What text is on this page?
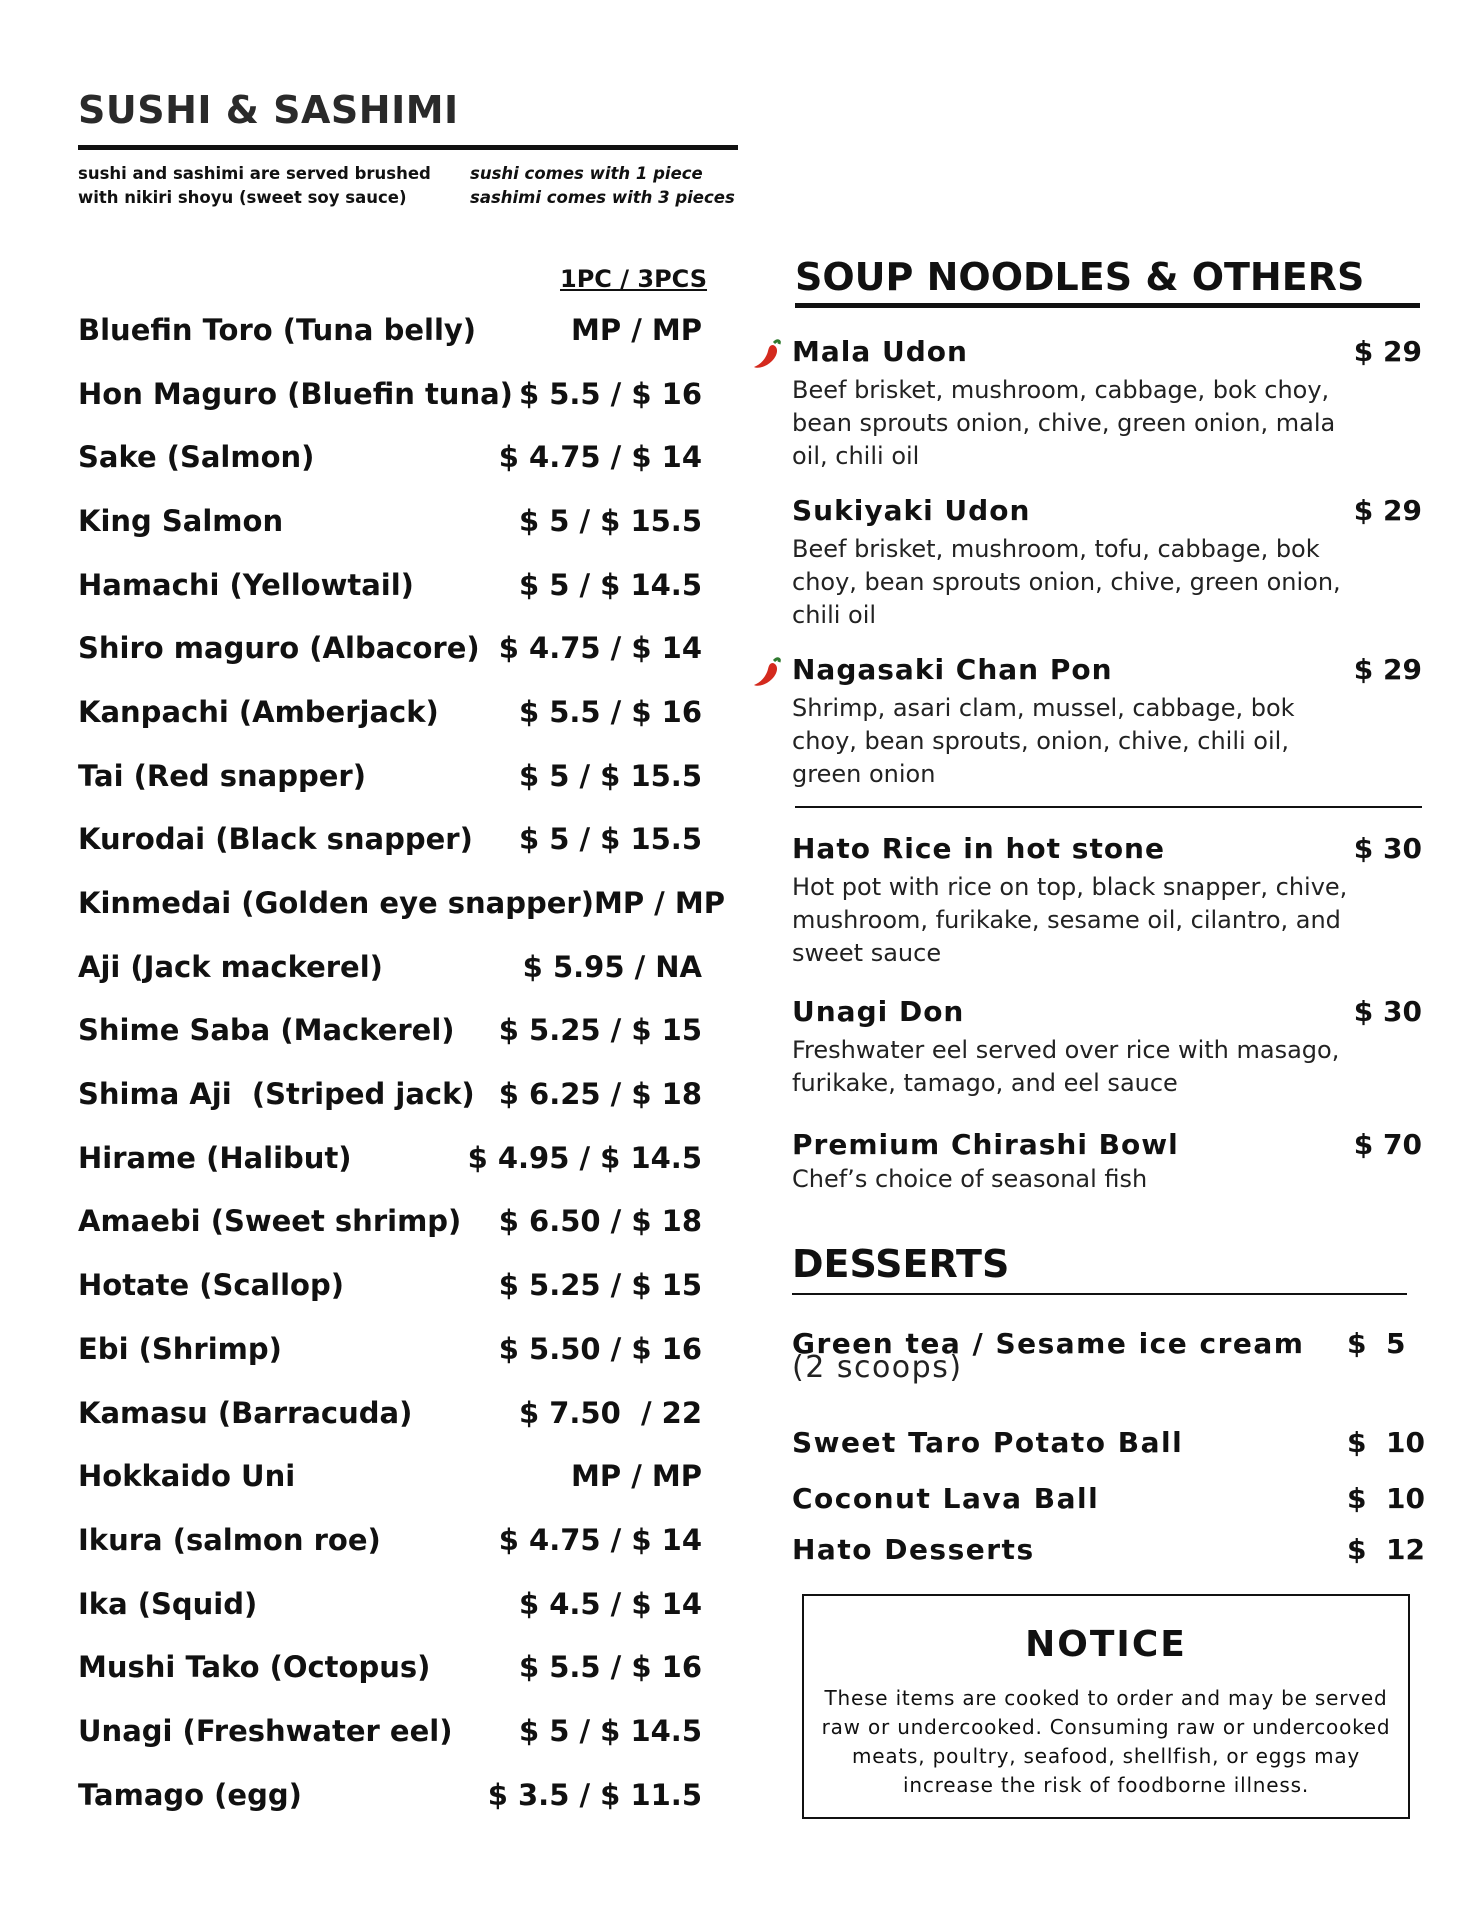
SUSHI & SASHIMI
sushi and sashimi are served brushed with nikiri shoyu (sweet soy sauce)
sushi comes with 1 piece
sashimi comes with 3 pieces
1PC / 3PCS
Bluefin Toro (Tuna belly)	MP / MP
Hon Maguro (Bluefin tuna) $ 5.5 / $ 16
Sake (Salmon)	$ 4.75 / $ 14
King Salmon	$ 5 / $ 15.5
Hamachi (Yellowtail)	$ 5 / $ 14.5
Shiro maguro (Albacore) $ 4.75 / $ 14
Kanpachi (Amberjack)	$ 5.5 / $ 16
Tai (Red snapper)	$ 5 / $ 15.5
Kurodai (Black snapper) $ 5 / $ 15.5
Kinmedai (Golden eye snapper) MP / MP
Aji (Jack mackerel)	$ 5.95 / NA
Shime Saba (Mackerel) $ 5.25 / $ 15
Shima Aji  (Striped jack) $ 6.25 / $ 18
Hirame (Halibut)	$ 4.95 / $ 14.5
Amaebi (Sweet shrimp) $ 6.50 / $ 18
Hotate (Scallop)	$ 5.25 / $ 15
Ebi (Shrimp)	$ 5.50 / $ 16
Kamasu (Barracuda)	$ 7.50  / 22
Hokkaido Uni	MP / MP
Ikura (salmon roe)	$ 4.75 / $ 14
Ika (Squid)	$ 4.5 / $ 14
Mushi Tako (Octopus)	$ 5.5 / $ 16
Unagi (Freshwater eel) $ 5 / $ 14.5
Tamago (egg)	$ 3.5 / $ 11.5
SOUP NOODLES & OTHERS
Mala Udon	$ 29
Beef brisket, mushroom, cabbage, bok choy, bean sprouts onion, chive, green onion, mala oil, chili oil
Sukiyaki Udon	$ 29
Beef brisket, mushroom, tofu, cabbage, bok choy, bean sprouts onion, chive, green onion, chili oil
Nagasaki Chan Pon	$ 29
Shrimp, asari clam, mussel, cabbage, bok choy, bean sprouts, onion, chive, chili oil, green onion
Hato Rice in hot stone	$ 30
Hot pot with rice on top, black snapper, chive, mushroom, furikake, sesame oil, cilantro, and sweet sauce
Unagi Don	$ 30
Freshwater eel served over rice with masago, furikake, tamago, and eel sauce
Premium Chirashi Bowl	$ 70
Chef’s choice of seasonal fish
DESSERTS
Green tea / Sesame ice cream $  5
(2 scoops)
Sweet Taro Potato Ball	$  10
Coconut Lava Ball	$  10
Hato Desserts	$  12
NOTICE
These items are cooked to order and may be served raw or undercooked. Consuming raw or undercooked meats, poultry, seafood, shellfish, or eggs may increase the risk of foodborne illness.
